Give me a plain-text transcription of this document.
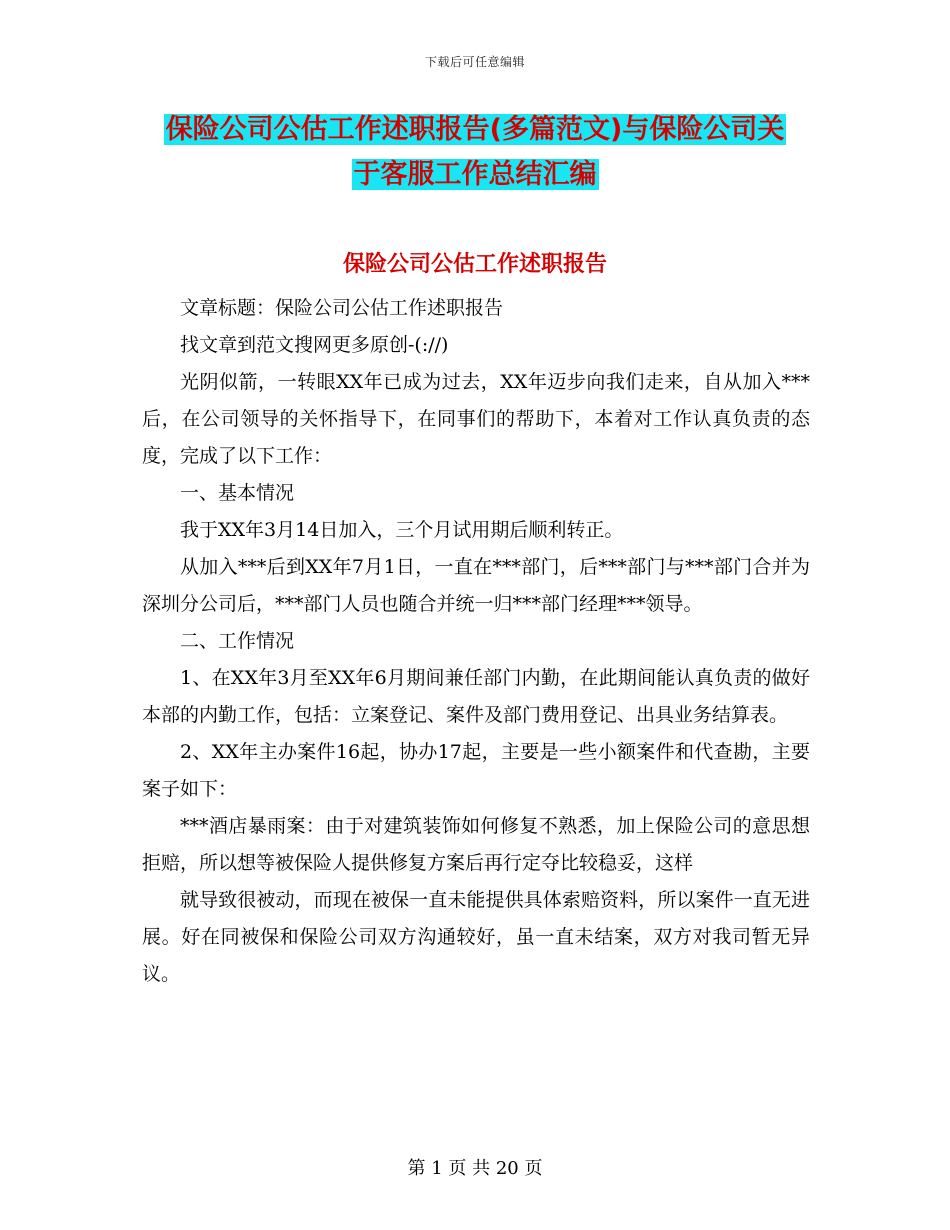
下载后可任意编辑
保险公司公估工作述职报告(多篇范文)与保险公司关
于客服工作总结汇编
保险公司公估工作述职报告

文章标题：保险公司公估工作述职报告

找文章到范文搜网更多原创-(://)

光阴似箭，一转眼XX年已成为过去，XX年迈步向我们走来，自从加入***后，在公司领导的关怀指导下，在同事们的帮助下，本着对工作认真负责的态度，完成了以下工作：

一、基本情况

我于XX年3月14日加入，三个月试用期后顺利转正。

从加入***后到XX年7月1日，一直在***部门，后***部门与***部门合并为深圳分公司后，***部门人员也随合并统一归***部门经理***领导。

二、工作情况

1、在XX年3月至XX年6月期间兼任部门内勤，在此期间能认真负责的做好本部的内勤工作，包括：立案登记、案件及部门费用登记、出具业务结算表。

2、XX年主办案件16起，协办17起，主要是一些小额案件和代查勘，主要案子如下：

***酒店暴雨案：由于对建筑装饰如何修复不熟悉，加上保险公司的意思想拒赔，所以想等被保险人提供修复方案后再行定夺比较稳妥，这样

就导致很被动，而现在被保一直未能提供具体索赔资料，所以案件一直无进展。好在同被保和保险公司双方沟通较好，虽一直未结案，双方对我司暂无异议。

第 1 页 共 20 页
